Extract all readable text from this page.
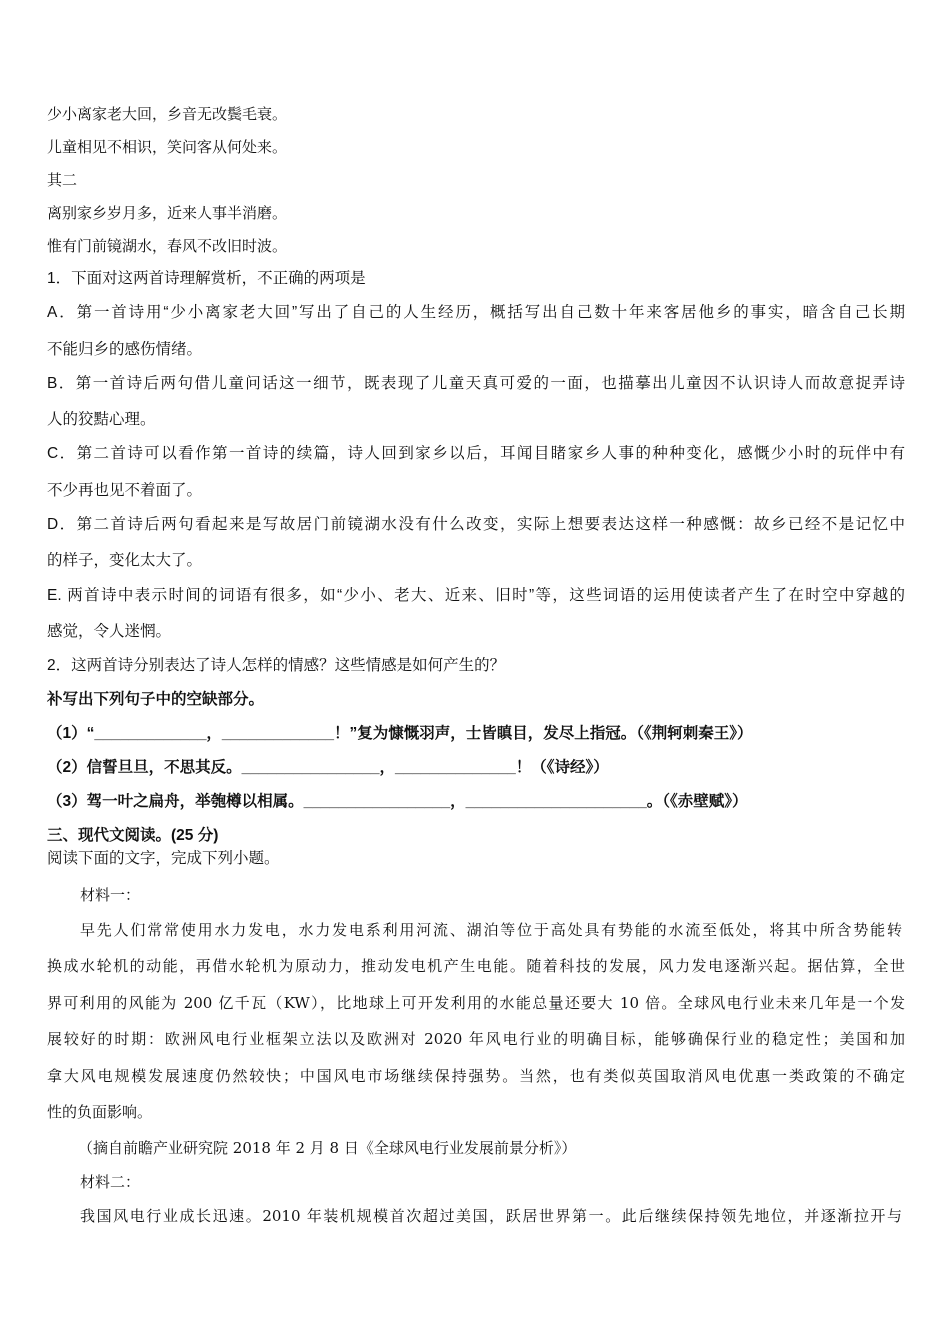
少小离家老大回，乡音无改鬓毛衰。
儿童相见不相识，笑问客从何处来。
其二
离别家乡岁月多，近来人事半消磨。
惟有门前镜湖水，春风不改旧时波。
1．下面对这两首诗理解赏析，不正确的两项是
A．第一首诗用“少小离家老大回”写出了自己的人生经历，概括写出自己数十年来客居他乡的事实，暗含自己长期
不能归乡的感伤情绪。
B．第一首诗后两句借儿童问话这一细节，既表现了儿童天真可爱的一面，也描摹出儿童因不认识诗人而故意捉弄诗
人的狡黠心理。
C．第二首诗可以看作第一首诗的续篇，诗人回到家乡以后，耳闻目睹家乡人事的种种变化，感慨少小时的玩伴中有
不少再也见不着面了。
D．第二首诗后两句看起来是写故居门前镜湖水没有什么改变，实际上想要表达这样一种感慨：故乡已经不是记忆中
的样子，变化太大了。
E. 两首诗中表示时间的词语有很多，如“少小、老大、近来、旧时”等，这些词语的运用使读者产生了在时空中穿越的
感觉，令人迷惘。
2．这两首诗分别表达了诗人怎样的情感？这些情感是如何产生的？
补写出下列句子中的空缺部分。
（1）“_____________，_____________！”复为慷慨羽声，士皆瞋目，发尽上指冠。（《荆轲刺秦王》）
（2）信誓旦旦，不思其反。________________，______________！（《诗经》）
（3）驾一叶之扁舟，举匏樽以相属。_________________，_____________________。（《赤壁赋》）
三、现代文阅读。(25 分)
阅读下面的文字，完成下列小题。
材料一：
早先人们常常使用水力发电，水力发电系利用河流、湖泊等位于高处具有势能的水流至低处，将其中所含势能转
换成水轮机的动能，再借水轮机为原动力，推动发电机产生电能。随着科技的发展，风力发电逐渐兴起。据估算，全世
界可利用的风能为 200 亿千瓦（KW），比地球上可开发利用的水能总量还要大 10 倍。全球风电行业未来几年是一个发
展较好的时期：欧洲风电行业框架立法以及欧洲对 2020 年风电行业的明确目标，能够确保行业的稳定性；美国和加
拿大风电规模发展速度仍然较快；中国风电市场继续保持强势。当然，也有类似英国取消风电优惠一类政策的不确定
性的负面影响。
（摘自前瞻产业研究院 2018 年 2 月 8 日《全球风电行业发展前景分析》）
材料二：
我国风电行业成长迅速。2010 年装机规模首次超过美国，跃居世界第一。此后继续保持领先地位，并逐渐拉开与
